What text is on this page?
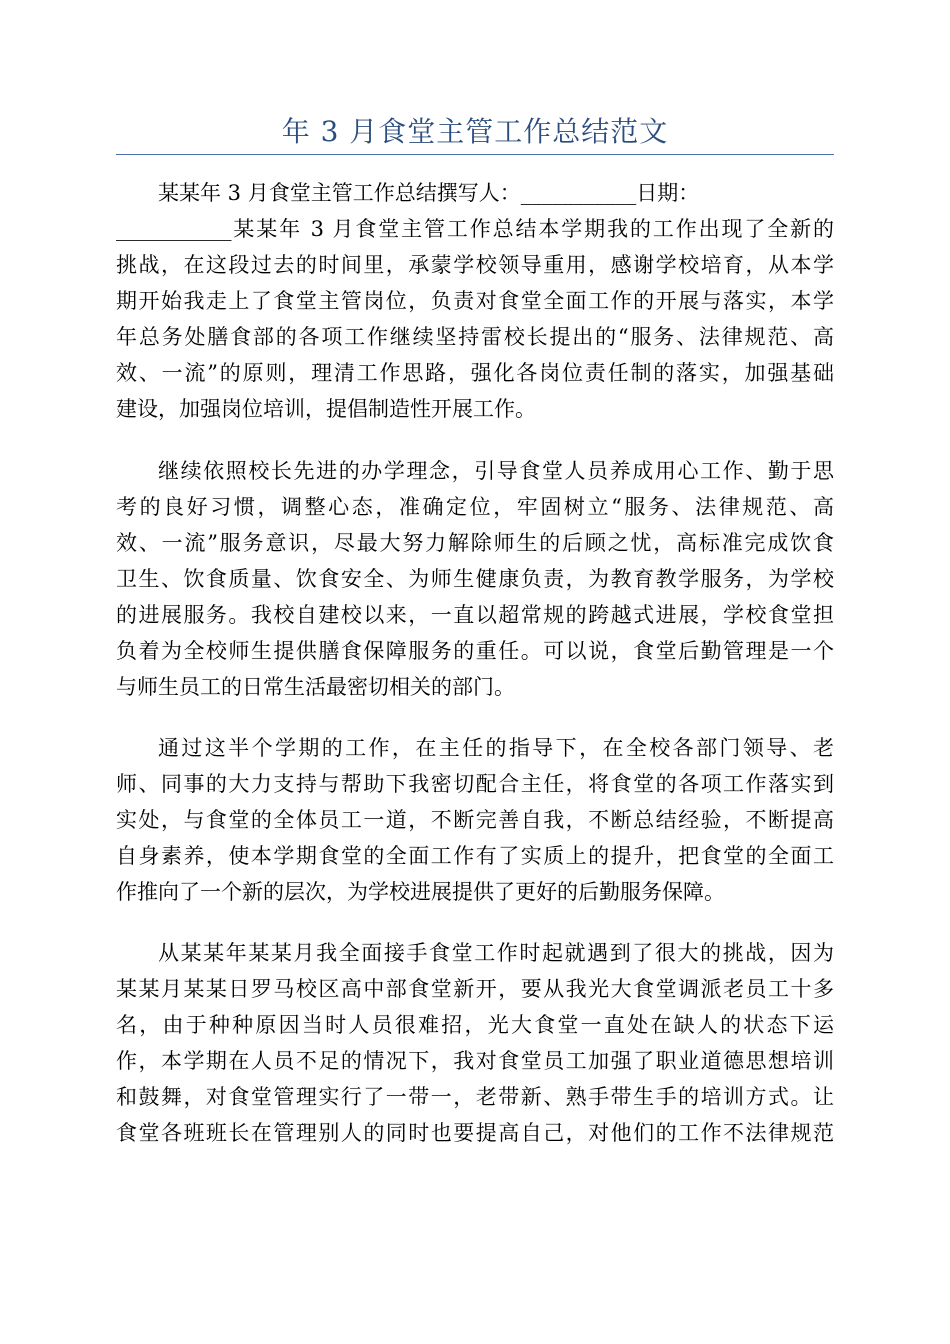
年 3 月食堂主管工作总结范文
某某年 3 月食堂主管工作总结撰写人：___________日期：
___________某某年 3 月食堂主管工作总结本学期我的工作出现了全新的
挑战，在这段过去的时间里，承蒙学校领导重用，感谢学校培育，从本学
期开始我走上了食堂主管岗位，负责对食堂全面工作的开展与落实，本学
年总务处膳食部的各项工作继续坚持雷校长提出的“服务、法律规范、高
效、一流”的原则，理清工作思路，强化各岗位责任制的落实，加强基础
建设，加强岗位培训，提倡制造性开展工作。
继续依照校长先进的办学理念，引导食堂人员养成用心工作、勤于思
考的良好习惯，调整心态，准确定位，牢固树立“服务、法律规范、高
效、一流”服务意识，尽最大努力解除师生的后顾之忧，高标准完成饮食
卫生、饮食质量、饮食安全、为师生健康负责，为教育教学服务，为学校
的进展服务。我校自建校以来，一直以超常规的跨越式进展，学校食堂担
负着为全校师生提供膳食保障服务的重任。可以说，食堂后勤管理是一个
与师生员工的日常生活最密切相关的部门。
通过这半个学期的工作，在主任的指导下，在全校各部门领导、老
师、同事的大力支持与帮助下我密切配合主任，将食堂的各项工作落实到
实处，与食堂的全体员工一道，不断完善自我，不断总结经验，不断提高
自身素养，使本学期食堂的全面工作有了实质上的提升，把食堂的全面工
作推向了一个新的层次，为学校进展提供了更好的后勤服务保障。
从某某年某某月我全面接手食堂工作时起就遇到了很大的挑战，因为
某某月某某日罗马校区高中部食堂新开，要从我光大食堂调派老员工十多
名，由于种种原因当时人员很难招，光大食堂一直处在缺人的状态下运
作，本学期在人员不足的情况下，我对食堂员工加强了职业道德思想培训
和鼓舞，对食堂管理实行了一带一，老带新、熟手带生手的培训方式。让
食堂各班班长在管理别人的同时也要提高自己，对他们的工作不法律规范
